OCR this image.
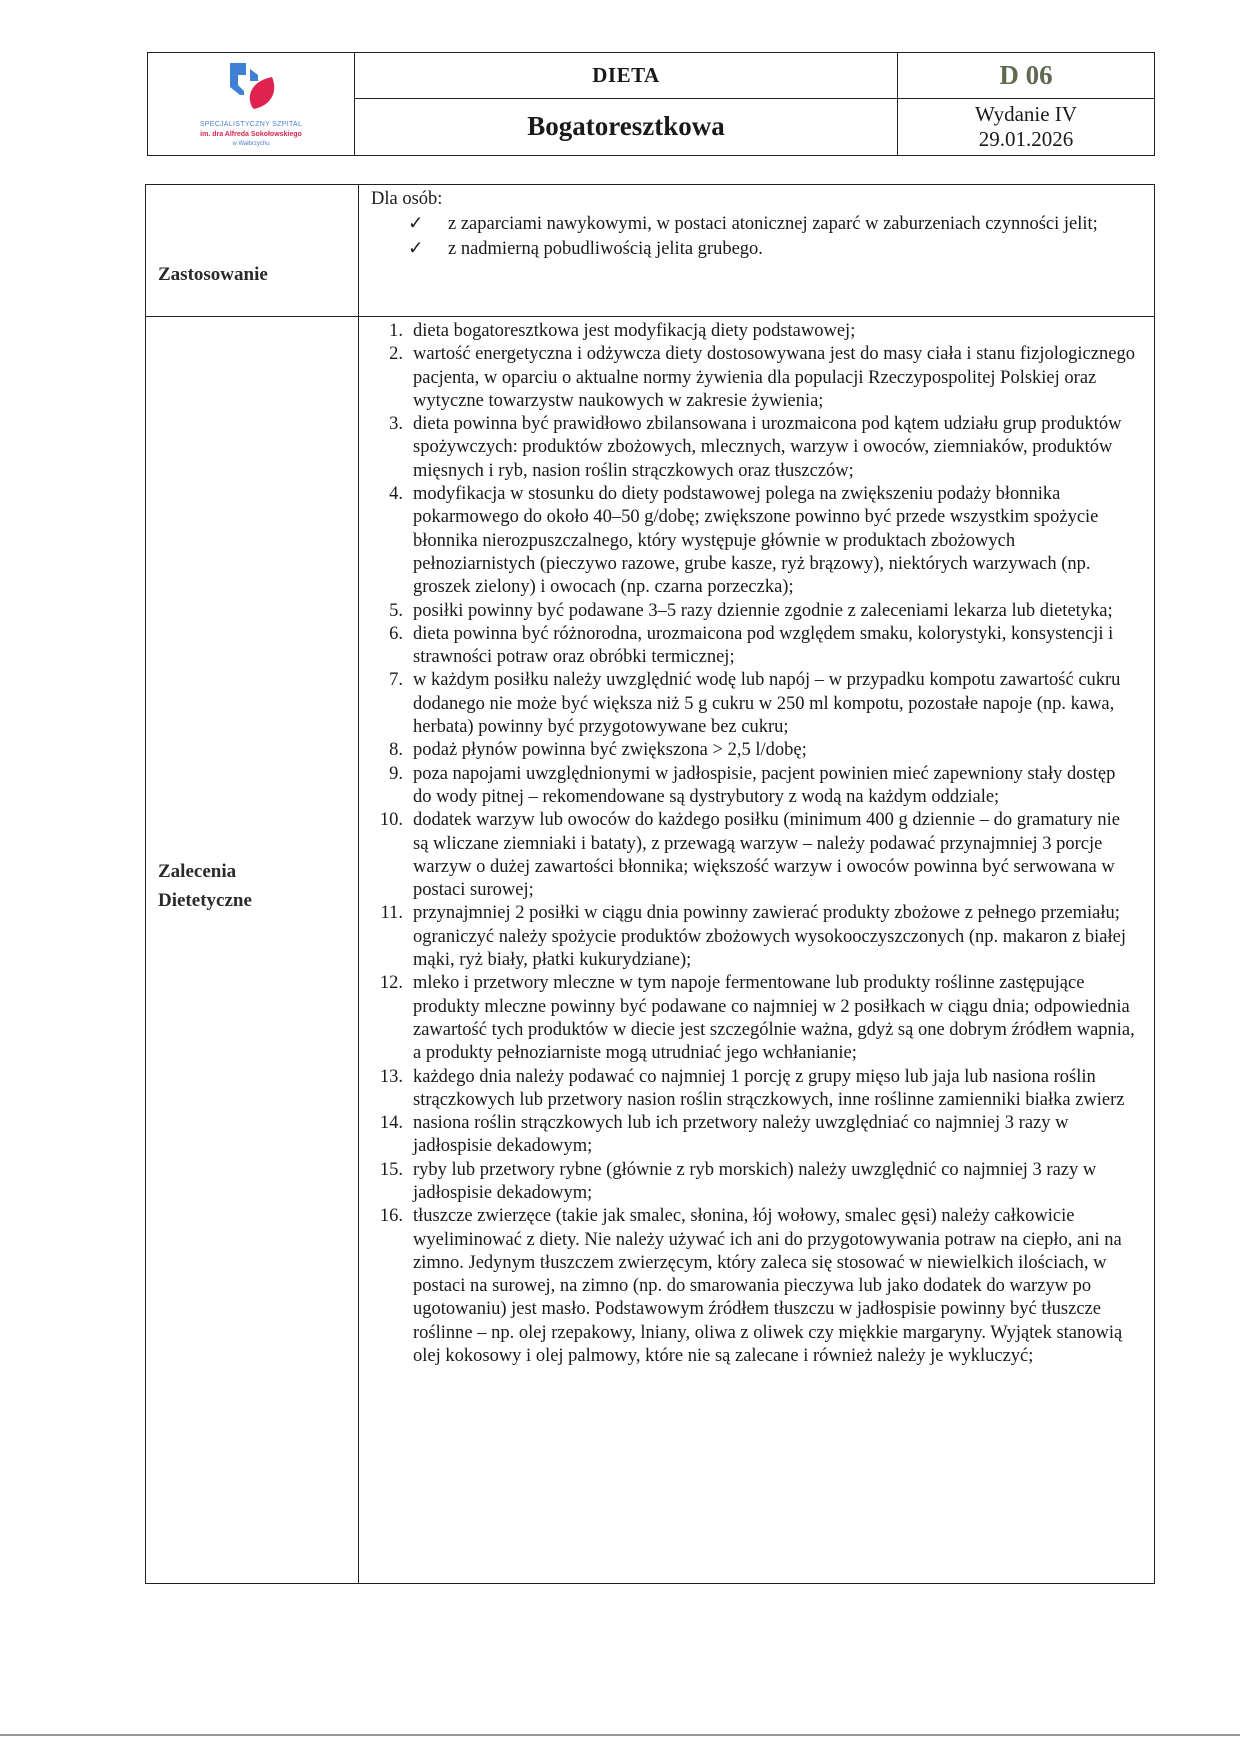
SPECJALISTYCZNY SZPITAL
im. dra Alfreda Sokołowskiego
w Wałbrzychu
DIETA
Bogatoresztkowa
D 06
Wydanie IV
29.01.2026
Zastosowanie
Dla osób:
✓	z zaparciami nawykowymi, w postaci atonicznej zaparć w zaburzeniach czynności jelit;
✓	z nadmierną pobudliwością jelita grubego.
Zalecenia
Dietetyczne
1. dieta bogatoresztkowa jest modyfikacją diety podstawowej;
2. wartość energetyczna i odżywcza diety dostosowywana jest do masy ciała i stanu fizjologicznego pacjenta, w oparciu o aktualne normy żywienia dla populacji Rzeczypospolitej Polskiej oraz wytyczne towarzystw naukowych w zakresie żywienia;
3. dieta powinna być prawidłowo zbilansowana i urozmaicona pod kątem udziału grup produktów spożywczych: produktów zbożowych, mlecznych, warzyw i owoców, ziemniaków, produktów mięsnych i ryb, nasion roślin strączkowych oraz tłuszczów;
4. modyfikacja w stosunku do diety podstawowej polega na zwiększeniu podaży błonnika pokarmowego do około 40–50 g/dobę; zwiększone powinno być przede wszystkim spożycie błonnika nierozpuszczalnego, który występuje głównie w produktach zbożowych pełnoziarnistych (pieczywo razowe, grube kasze, ryż brązowy), niektórych warzywach (np. groszek zielony) i owocach (np. czarna porzeczka);
5. posiłki powinny być podawane 3–5 razy dziennie zgodnie z zaleceniami lekarza lub dietetyka;
6. dieta powinna być różnorodna, urozmaicona pod względem smaku, kolorystyki, konsystencji i strawności potraw oraz obróbki termicznej;
7. w każdym posiłku należy uwzględnić wodę lub napój – w przypadku kompotu zawartość cukru dodanego nie może być większa niż 5 g cukru w 250 ml kompotu, pozostałe napoje (np. kawa, herbata) powinny być przygotowywane bez cukru;
8. podaż płynów powinna być zwiększona > 2,5 l/dobę;
9. poza napojami uwzględnionymi w jadłospisie, pacjent powinien mieć zapewniony stały dostęp do wody pitnej – rekomendowane są dystrybutory z wodą na każdym oddziale;
10. dodatek warzyw lub owoców do każdego posiłku (minimum 400 g dziennie – do gramatury nie są wliczane ziemniaki i bataty), z przewagą warzyw – należy podawać przynajmniej 3 porcje warzyw o dużej zawartości błonnika; większość warzyw i owoców powinna być serwowana w postaci surowej;
11. przynajmniej 2 posiłki w ciągu dnia powinny zawierać produkty zbożowe z pełnego przemiału; ograniczyć należy spożycie produktów zbożowych wysokooczyszczonych (np. makaron z białej mąki, ryż biały, płatki kukurydziane);
12. mleko i przetwory mleczne w tym napoje fermentowane lub produkty roślinne zastępujące produkty mleczne powinny być podawane co najmniej w 2 posiłkach w ciągu dnia; odpowiednia zawartość tych produktów w diecie jest szczególnie ważna, gdyż są one dobrym źródłem wapnia, a produkty pełnoziarniste mogą utrudniać jego wchłanianie;
13. każdego dnia należy podawać co najmniej 1 porcję z grupy mięso lub jaja lub nasiona roślin strączkowych lub przetwory nasion roślin strączkowych, inne roślinne zamienniki białka zwierz
14. nasiona roślin strączkowych lub ich przetwory należy uwzględniać co najmniej 3 razy w jadłospisie dekadowym;
15. ryby lub przetwory rybne (głównie z ryb morskich) należy uwzględnić co najmniej 3 razy w jadłospisie dekadowym;
16. tłuszcze zwierzęce (takie jak smalec, słonina, łój wołowy, smalec gęsi) należy całkowicie wyeliminować z diety. Nie należy używać ich ani do przygotowywania potraw na ciepło, ani na zimno. Jedynym tłuszczem zwierzęcym, który zaleca się stosować w niewielkich ilościach, w postaci na surowej, na zimno (np. do smarowania pieczywa lub jako dodatek do warzyw po ugotowaniu) jest masło. Podstawowym źródłem tłuszczu w jadłospisie powinny być tłuszcze roślinne – np. olej rzepakowy, lniany, oliwa z oliwek czy miękkie margaryny. Wyjątek stanowią olej kokosowy i olej palmowy, które nie są zalecane i również należy je wykluczyć;
